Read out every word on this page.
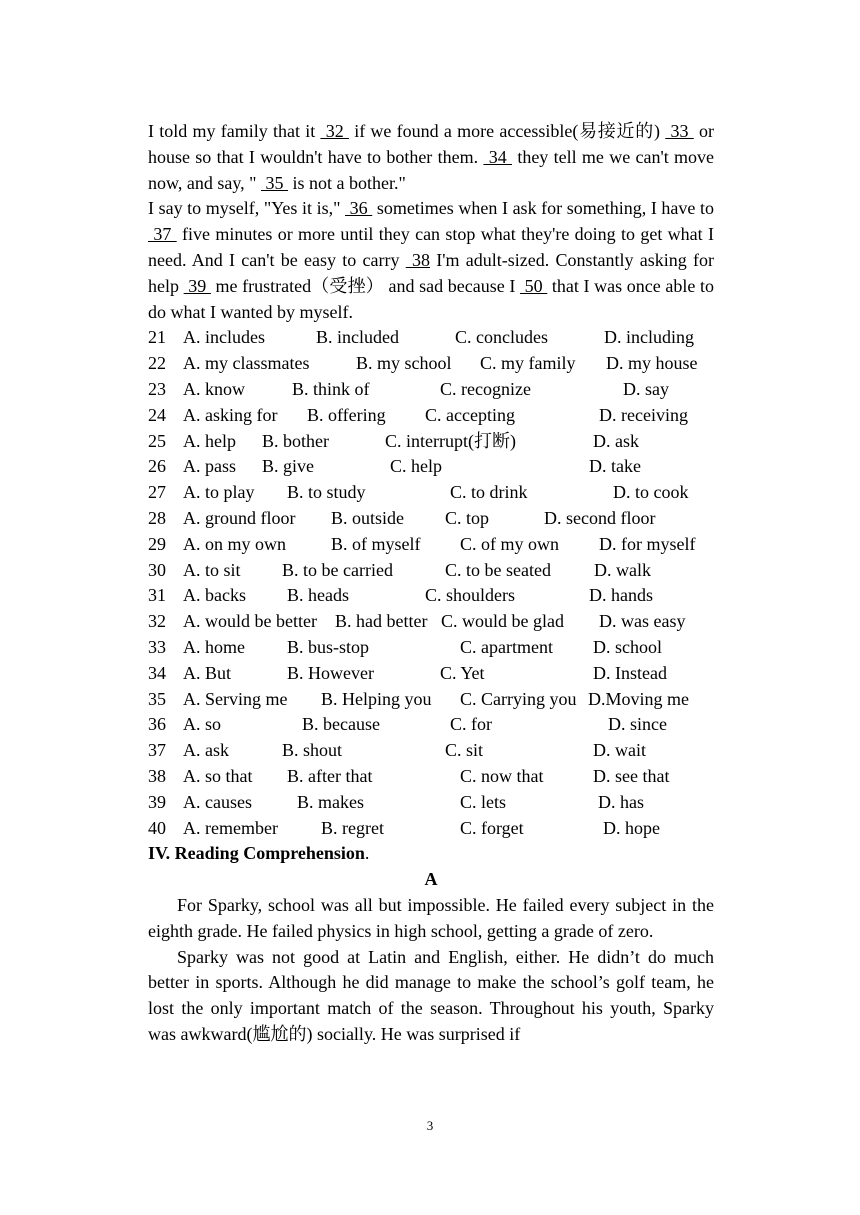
I told my family that it  32  if we found a more accessible(易接近的)  33  or house so that I wouldn't have to bother them.  34  they tell me we can't move now, and say, "  35  is not a bother."
I say to myself, "Yes it is,"  36  sometimes when I ask for something, I have to  37  five minutes or more until they can stop what they're doing to get what I need. And I can't be easy to carry  38 I'm adult-sized. Constantly asking for help  39  me frustrated（受挫） and sad because I  50  that I was once able to do what I wanted by myself.
21 A. includes	B. included	C. concludes	D. including
22 A. my classmates	B. my school	C. my family	D. my house
23 A. know	B. think of	C. recognize	D. say
24 A. asking for	B. offering	C. accepting	D. receiving
25 A. help	B. bother	C. interrupt(打断)	D. ask
26 A. pass	B. give	C. help	D. take
27 A. to play	B. to study	C. to drink	D. to cook
28 A. ground floor	B. outside	C. top	D. second floor
29 A. on my own	B. of myself	C. of my own	D. for myself
30 A. to sit	B. to be carried	C. to be seated	D. walk
31 A. backs	B. heads	C. shoulders	D. hands
32 A. would be better	B. had better C. would be glad	D. was easy
33 A. home	B. bus-stop	C. apartment	D. school
34 A. But	B. However	C. Yet	D. Instead
35 A. Serving me	B. Helping you	C. Carrying you D.Moving me
36 A. so	B. because	C. for	D. since
37 A. ask	B. shout	C. sit	D. wait
38 A. so that	B. after that	C. now that	D. see that
39 A. causes	B. makes	C. lets	D. has
40 A. remember	B. regret	C. forget	D. hope
IV. Reading Comprehension.
A
For Sparky, school was all but impossible. He failed every subject in the eighth grade. He failed physics in high school, getting a grade of zero.
Sparky was not good at Latin and English, either. He didn’t do much better in sports. Although he did manage to make the school’s golf team, he lost the only important match of the season. Throughout his youth, Sparky was awkward(尴尬的) socially. He was surprised if
3
